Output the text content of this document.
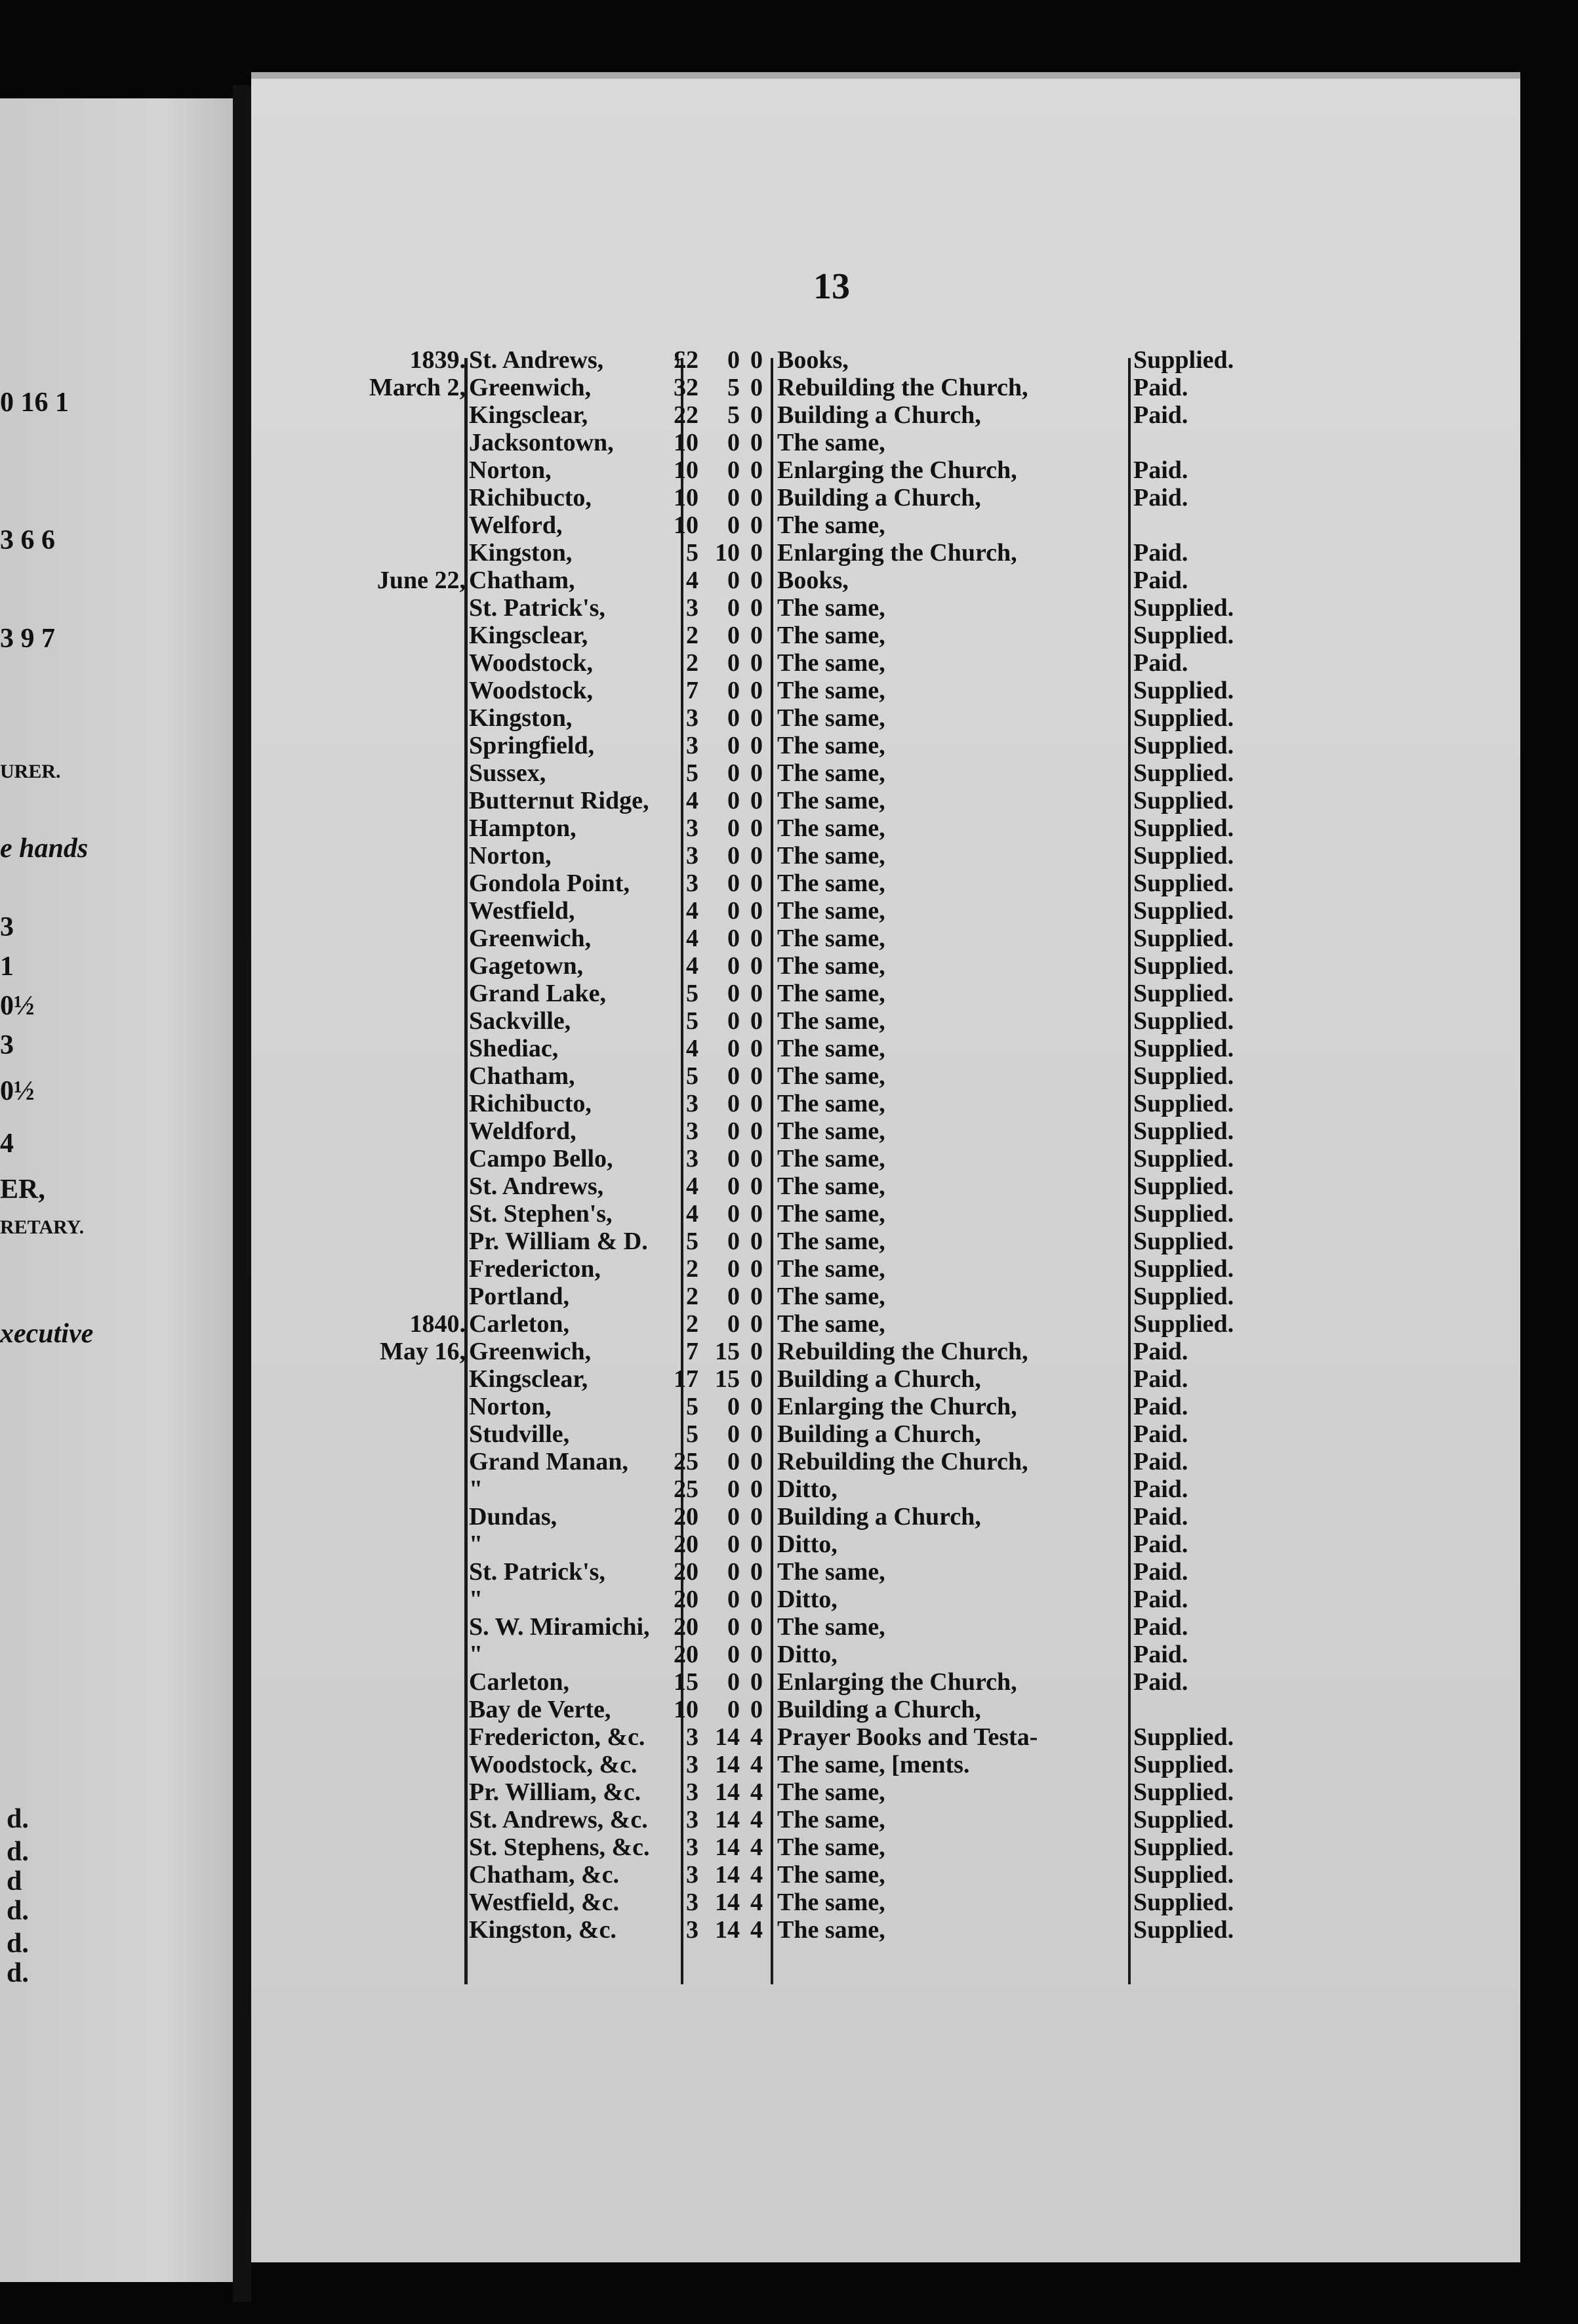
0 16 1
3 6 6
3 9 7
URER.
e hands
3
1
0½
3
0½
4
ER,
RETARY.
xecutive
d.
d.
d
d.
d.
d.
13
1839. St. Andrews,	£2	0 0 Books,	Supplied.
March 2, Greenwich,	32	5 0 Rebuilding the Church,	Paid.
Kingsclear,	22	5 0 Building a Church,	Paid.
Jacksontown,	10	0 0 The same,
Norton,	10	0 0 Enlarging the Church,	Paid.
Richibucto,	10	0 0 Building a Church,	Paid.
Welford,	10	0 0 The same,
Kingston,	5 10 0 Enlarging the Church,	Paid.
June 22, Chatham,	4	0 0 Books,	Paid.
St. Patrick's,	3	0 0 The same,	Supplied.
Kingsclear,	2	0 0 The same,	Supplied.
Woodstock,	2	0 0 The same,	Paid.
Woodstock,	7	0 0 The same,	Supplied.
Kingston,	3	0 0 The same,	Supplied.
Springfield,	3	0 0 The same,	Supplied.
Sussex,	5	0 0 The same,	Supplied.
Butternut Ridge,	4	0 0 The same,	Supplied.
Hampton,	3	0 0 The same,	Supplied.
Norton,	3	0 0 The same,	Supplied.
Gondola Point,	3	0 0 The same,	Supplied.
Westfield,	4	0 0 The same,	Supplied.
Greenwich,	4	0 0 The same,	Supplied.
Gagetown,	4	0 0 The same,	Supplied.
Grand Lake,	5	0 0 The same,	Supplied.
Sackville,	5	0 0 The same,	Supplied.
Shediac,	4	0 0 The same,	Supplied.
Chatham,	5	0 0 The same,	Supplied.
Richibucto,	3	0 0 The same,	Supplied.
Weldford,	3	0 0 The same,	Supplied.
Campo Bello,	3	0 0 The same,	Supplied.
St. Andrews,	4	0 0 The same,	Supplied.
St. Stephen's,	4	0 0 The same,	Supplied.
Pr. William & D.	5	0 0 The same,	Supplied.
Fredericton,	2	0 0 The same,	Supplied.
Portland,	2	0 0 The same,	Supplied.
1840. Carleton,	2	0 0 The same,	Supplied.
May 16, Greenwich,	7 15 0 Rebuilding the Church,	Paid.
Kingsclear,	17 15 0 Building a Church,	Paid.
Norton,	5	0 0 Enlarging the Church,	Paid.
Studville,	5	0 0 Building a Church,	Paid.
Grand Manan,	25	0 0 Rebuilding the Church,	Paid.
"	25	0 0 Ditto,	Paid.
Dundas,	20	0 0 Building a Church,	Paid.
"	20	0 0 Ditto,	Paid.
St. Patrick's,	20	0 0 The same,	Paid.
"	20	0 0 Ditto,	Paid.
S. W. Miramichi, 20	0 0 The same,	Paid.
"	20	0 0 Ditto,	Paid.
Carleton,	15	0 0 Enlarging the Church,	Paid.
Bay de Verte,	10	0 0 Building a Church,
Fredericton, &c.	3 14 4 Prayer Books and Testa-	Supplied.
Woodstock, &c.	3 14 4 The same, [ments.	Supplied.
Pr. William, &c.	3 14 4 The same,	Supplied.
St. Andrews, &c.	3 14 4 The same,	Supplied.
St. Stephens, &c.	3 14 4 The same,	Supplied.
Chatham, &c.	3 14 4 The same,	Supplied.
Westfield, &c.	3 14 4 The same,	Supplied.
Kingston, &c.	3 14 4 The same,	Supplied.
